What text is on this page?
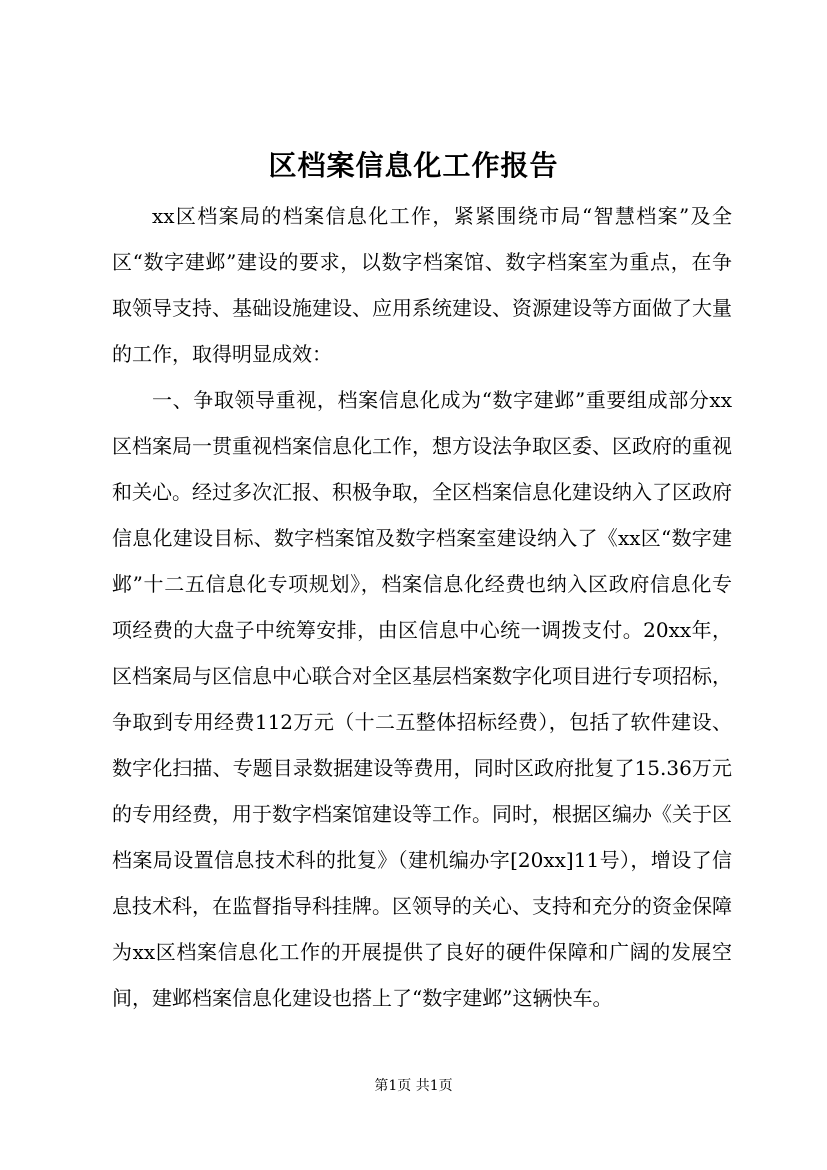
区档案信息化工作报告

xx区档案局的档案信息化工作，紧紧围绕市局“智慧档案”及全区“数字建邺”建设的要求，以数字档案馆、数字档案室为重点，在争取领导支持、基础设施建设、应用系统建设、资源建设等方面做了大量的工作，取得明显成效：

一、争取领导重视，档案信息化成为“数字建邺”重要组成部分xx区档案局一贯重视档案信息化工作，想方设法争取区委、区政府的重视和关心。经过多次汇报、积极争取，全区档案信息化建设纳入了区政府信息化建设目标、数字档案馆及数字档案室建设纳入了《xx区“数字建邺”十二五信息化专项规划》，档案信息化经费也纳入区政府信息化专项经费的大盘子中统筹安排，由区信息中心统一调拨支付。20xx年，区档案局与区信息中心联合对全区基层档案数字化项目进行专项招标，争取到专用经费112万元（十二五整体招标经费），包括了软件建设、数字化扫描、专题目录数据建设等费用，同时区政府批复了15.36万元的专用经费，用于数字档案馆建设等工作。同时，根据区编办《关于区档案局设置信息技术科的批复》（建机编办字[20xx]11号），增设了信息技术科，在监督指导科挂牌。区领导的关心、支持和充分的资金保障为xx区档案信息化工作的开展提供了良好的硬件保障和广阔的发展空间，建邺档案信息化建设也搭上了“数字建邺”这辆快车。

第1页 共1页
